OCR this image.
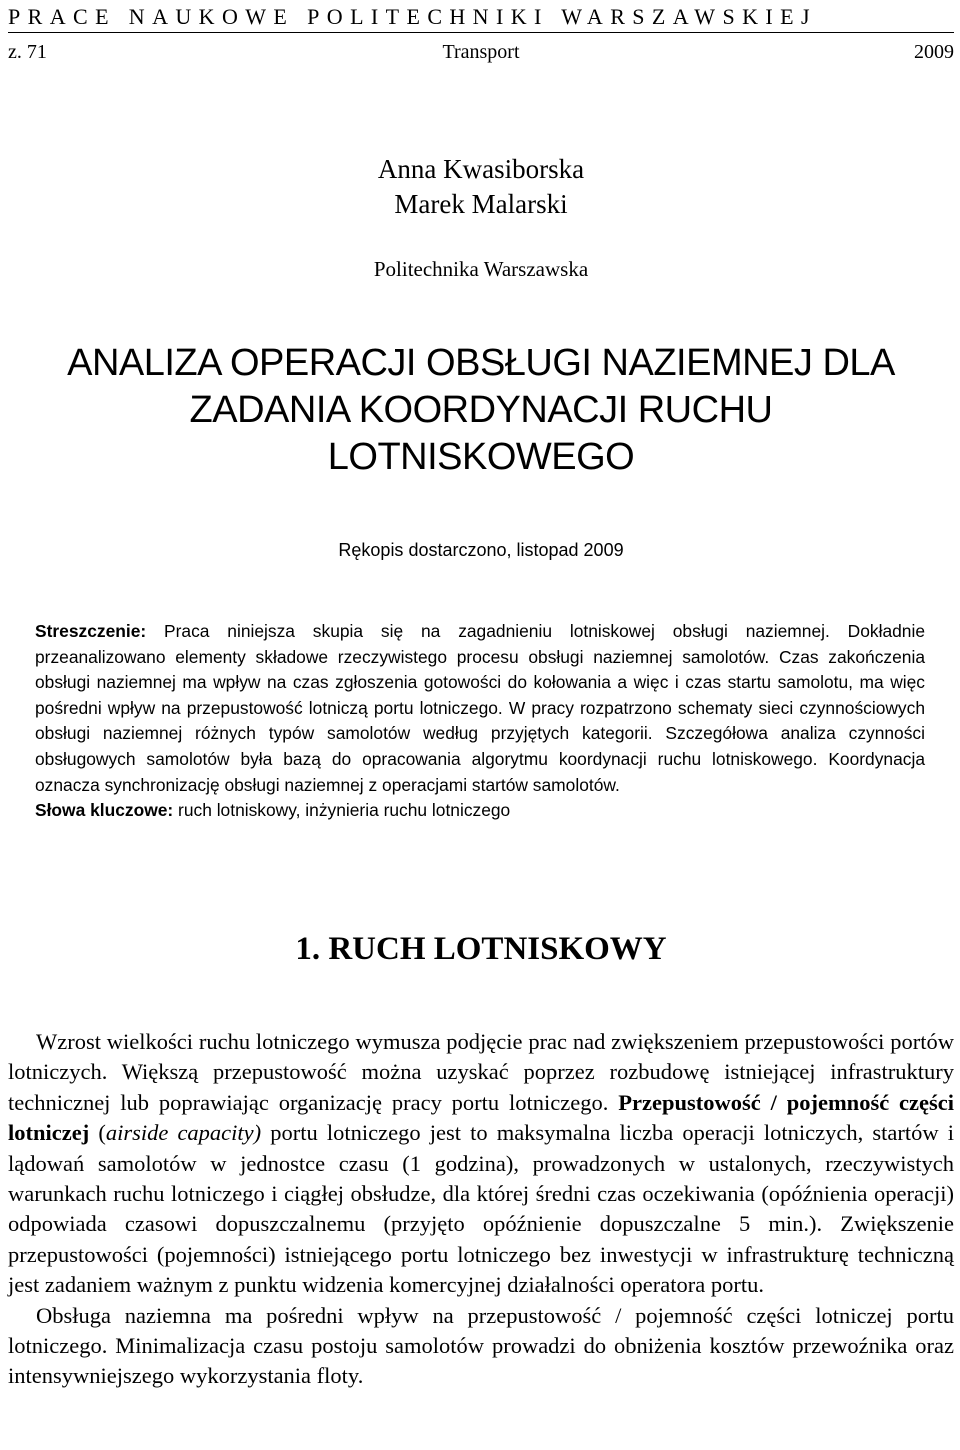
PRACE NAUKOWE POLITECHNIKI WARSZAWSKIEJ
Transport
z. 71	2009
Anna Kwasiborska
Marek Malarski
Politechnika Warszawska
ANALIZA OPERACJI OBSŁUGI NAZIEMNEJ DLA
ZADANIA KOORDYNACJI RUCHU
LOTNISKOWEGO
Rękopis dostarczono, listopad 2009

Streszczenie: Praca niniejsza skupia się na zagadnieniu lotniskowej obsługi naziemnej. Dokładnie przeanalizowano elementy składowe rzeczywistego procesu obsługi naziemnej samolotów. Czas zakończenia obsługi naziemnej ma wpływ na czas zgłoszenia gotowości do kołowania a więc i czas startu samolotu, ma więc pośredni wpływ na przepustowość lotniczą portu lotniczego. W pracy rozpatrzono schematy sieci czynnościowych obsługi naziemnej różnych typów samolotów według przyjętych kategorii. Szczegółowa analiza czynności obsługowych samolotów była bazą do opracowania algorytmu koordynacji ruchu lotniskowego. Koordynacja oznacza synchronizację obsługi naziemnej z operacjami startów samolotów.

Słowa kluczowe: ruch lotniskowy, inżynieria ruchu lotniczego

1. RUCH LOTNISKOWY

Wzrost wielkości ruchu lotniczego wymusza podjęcie prac nad zwiększeniem przepustowości portów lotniczych. Większą przepustowość można uzyskać poprzez rozbudowę istniejącej infrastruktury technicznej lub poprawiając organizację pracy portu lotniczego. Przepustowość / pojemność części lotniczej (airside capacity) portu lotniczego jest to maksymalna liczba operacji lotniczych, startów i lądowań samolotów w jednostce czasu (1 godzina), prowadzonych w ustalonych, rzeczywistych warunkach ruchu lotniczego i ciągłej obsłudze, dla której średni czas oczekiwania (opóźnienia operacji) odpowiada czasowi dopuszczalnemu (przyjęto opóźnienie dopuszczalne 5 min.). Zwiększenie przepustowości (pojemności) istniejącego portu lotniczego bez inwestycji w infrastrukturę techniczną jest zadaniem ważnym z punktu widzenia komercyjnej działalności operatora portu.

Obsługa naziemna ma pośredni wpływ na przepustowość / pojemność części lotniczej portu lotniczego. Minimalizacja czasu postoju samolotów prowadzi do obniżenia kosztów przewoźnika oraz intensywniejszego wykorzystania floty.
